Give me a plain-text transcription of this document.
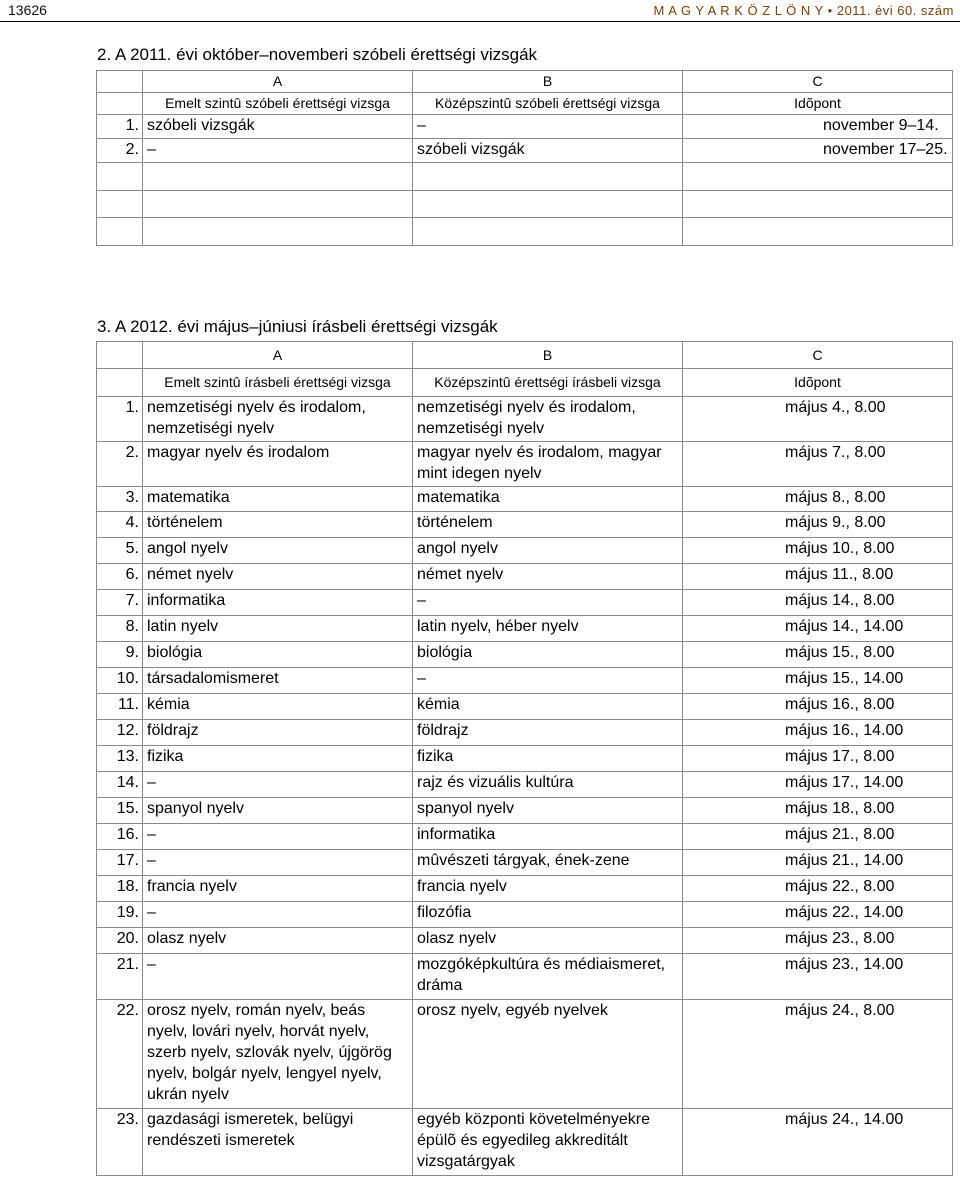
13626	M A G Y A R K Ö Z L Ö N Y • 2011. évi 60. szám
2. A 2011. évi október–novemberi szóbeli érettségi vizsgák
	A	B	C
	Emelt szintû szóbeli érettségi vizsga	Középszintû szóbeli érettségi vizsga	Idõpont
1.	szóbeli vizsgák	–	november 9–14.
2.	–	szóbeli vizsgák	november 17–25.

3. A 2012. évi május–júniusi írásbeli érettségi vizsgák
	A	B	C
	Emelt szintû írásbeli érettségi vizsga	Középszintû érettségi írásbeli vizsga	Idõpont
1.	nemzetiségi nyelv és irodalom, nemzetiségi nyelv	nemzetiségi nyelv és irodalom, nemzetiségi nyelv	május 4., 8.00
2.	magyar nyelv és irodalom	magyar nyelv és irodalom, magyar mint idegen nyelv	május 7., 8.00
3.	matematika	matematika	május 8., 8.00
4.	történelem	történelem	május 9., 8.00
5.	angol nyelv	angol nyelv	május 10., 8.00
6.	német nyelv	német nyelv	május 11., 8.00
7.	informatika	–	május 14., 8.00
8.	latin nyelv	latin nyelv, héber nyelv	május 14., 14.00
9.	biológia	biológia	május 15., 8.00
10.	társadalomismeret	–	május 15., 14.00
11.	kémia	kémia	május 16., 8.00
12.	földrajz	földrajz	május 16., 14.00
13.	fizika	fizika	május 17., 8.00
14.	–	rajz és vizuális kultúra	május 17., 14.00
15.	spanyol nyelv	spanyol nyelv	május 18., 8.00
16.	–	informatika	május 21., 8.00
17.	–	mûvészeti tárgyak, ének-zene	május 21., 14.00
18.	francia nyelv	francia nyelv	május 22., 8.00
19.	–	filozófia	május 22., 14.00
20.	olasz nyelv	olasz nyelv	május 23., 8.00
21.	–	mozgóképkultúra és médiaismeret, dráma	május 23., 14.00
22.	orosz nyelv, román nyelv, beás nyelv, lovári nyelv, horvát nyelv, szerb nyelv, szlovák nyelv, újgörög nyelv, bolgár nyelv, lengyel nyelv, ukrán nyelv	orosz nyelv, egyéb nyelvek	május 24., 8.00
23.	gazdasági ismeretek, belügyi rendészeti ismeretek	egyéb központi követelményekre épülõ és egyedileg akkreditált vizsgatárgyak	május 24., 14.00
